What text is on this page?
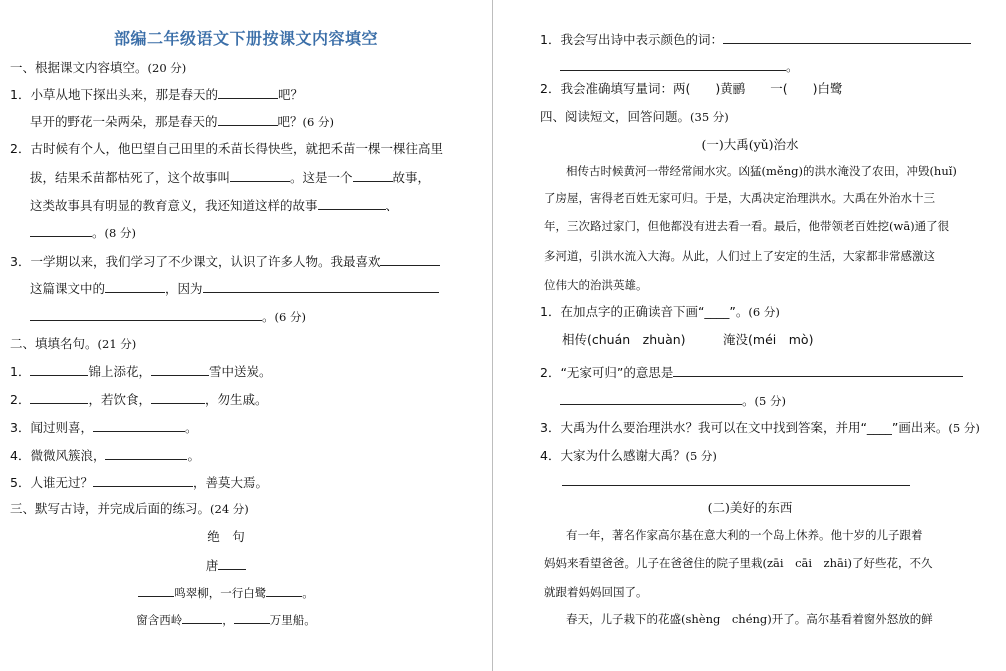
部编二年级语文下册按课文内容填空
一、根据课文内容填空。(20 分)
1．小草从地下探出头来，那是春天的	吧？
早开的野花一朵两朵，那是春天的	吧？(6 分)
2．古时候有个人，他巴望自己田里的禾苗长得快些，就把禾苗一棵一棵往高里
拔，结果禾苗都枯死了，这个故事叫	。这是一个	故事，
这类故事具有明显的教育意义，我还知道这样的故事	、
。(8 分)
3．一学期以来，我们学习了不少课文，认识了许多人物。我最喜欢
这篇课文中的	，因为
。(6 分)
二、填填名句。(21 分)
1．	锦上添花，	雪中送炭。
2．	，若饮食，	，勿生戚。
3．闻过则喜，	。
4．微微风簇浪，	。
5．人谁无过？	，善莫大焉。
三、默写古诗，并完成后面的练习。(24 分)
绝　句
唐
鸣翠柳，一行白鹭	。
窗含西岭	，	万里船。
1．我会写出诗中表示颜色的词：
。
2．我会准确填写量词：两(　　)黄鹂　　一(　　)白鹭
四、阅读短文，回答问题。(35 分)
(一)大禹(yǔ)治水
相传古时候黄河一带经常闹水灾。凶猛(měng)的洪水淹没了农田，冲毁(huǐ)
了房屋，害得老百姓无家可归。于是，大禹决定治理洪水。大禹在外治水十三
年，三次路过家门，但他都没有进去看一看。最后，他带领老百姓挖(wā)通了很
多河道，引洪水流入大海。从此，人们过上了安定的生活，大家都非常感激这
位伟大的治洪英雄。
1．在加点字的正确读音下画“____”。(6 分)
相传(chuán　zhuàn)　　　淹没(méi　mò)
2．“无家可归”的意思是
。(5 分)
3．大禹为什么要治理洪水？我可以在文中找到答案，并用“____”画出来。(5 分)
4．大家为什么感谢大禹？(5 分)
(二)美好的东西
有一年，著名作家高尔基在意大利的一个岛上休养。他十岁的儿子跟着
妈妈来看望爸爸。儿子在爸爸住的院子里栽(zāi　cāi　zhāi)了好些花，不久
就跟着妈妈回国了。
春天，儿子栽下的花盛(shèng　chéng)开了。高尔基看着窗外怒放的鲜
